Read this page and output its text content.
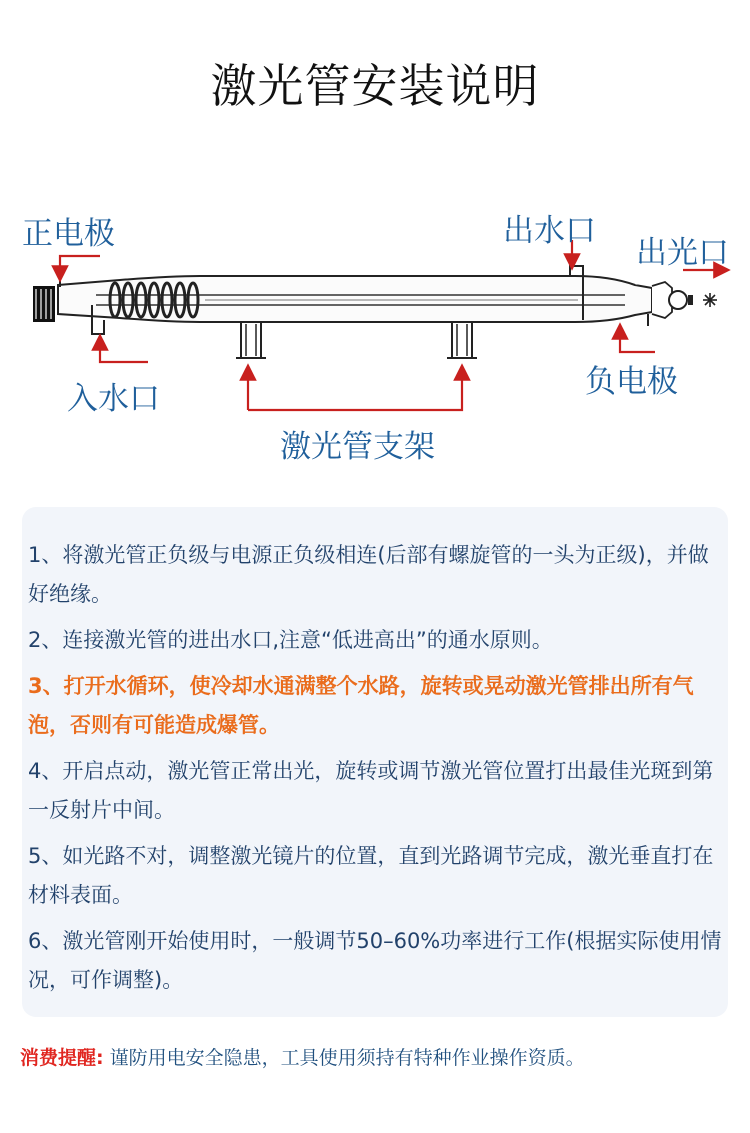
激光管安装说明
正电极	出水口
出光口
入水口	负电极
激光管支架

1、将激光管正负级与电源正负级相连(后部有螺旋管的一头为正级)，并做好绝缘。

2、连接激光管的进出水口,注意“低进高出”的通水原则。

3、打开水循环，使冷却水通满整个水路，旋转或晃动激光管排出所有气泡，否则有可能造成爆管。

4、开启点动，激光管正常出光，旋转或调节激光管位置打出最佳光斑到第一反射片中间。

5、如光路不对，调整激光镜片的位置，直到光路调节完成，激光垂直打在材料表面。

6、激光管刚开始使用时，一般调节50–60%功率进行工作(根据实际使用情况，可作调整)。

消费提醒: 谨防用电安全隐患，工具使用须持有特种作业操作资质。
